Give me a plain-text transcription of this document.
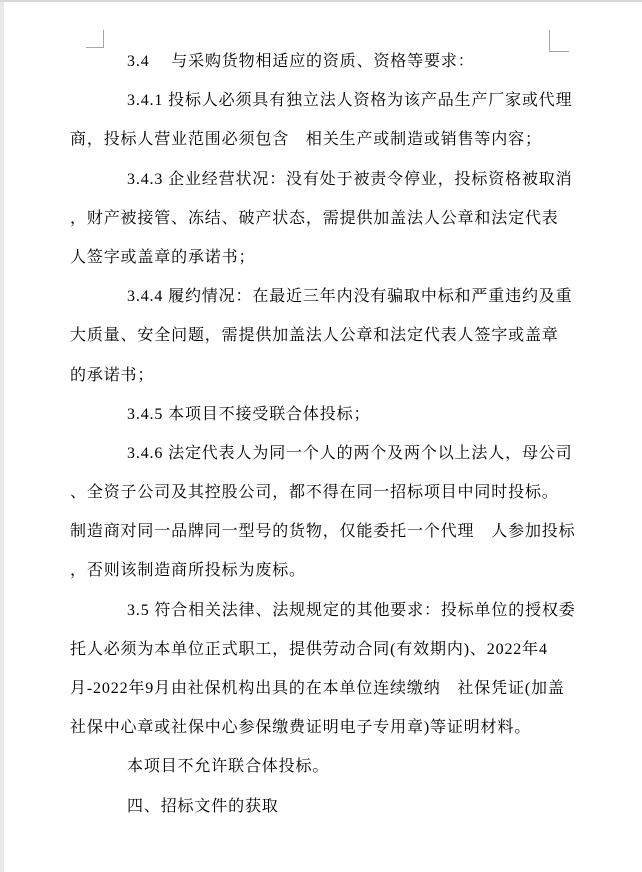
3.4　 与采购货物相适应的资质、资格等要求：
3.4.1 投标人必须具有独立法人资格为该产品生产厂家或代理
商，投标人营业范围必须包含　相关生产或制造或销售等内容；
3.4.3 企业经营状况：没有处于被责令停业，投标资格被取消
，财产被接管、冻结、破产状态，需提供加盖法人公章和法定代表
人签字或盖章的承诺书；
3.4.4 履约情况：在最近三年内没有骗取中标和严重违约及重
大质量、安全问题，需提供加盖法人公章和法定代表人签字或盖章
的承诺书；
3.4.5 本项目不接受联合体投标；
3.4.6 法定代表人为同一个人的两个及两个以上法人，母公司
、全资子公司及其控股公司，都不得在同一招标项目中同时投标。
制造商对同一品牌同一型号的货物，仅能委托一个代理　人参加投标
，否则该制造商所投标为废标。
3.5 符合相关法律、法规规定的其他要求：投标单位的授权委
托人必须为本单位正式职工，提供劳动合同(有效期内)、2022年4
月-2022年9月由社保机构出具的在本单位连续缴纳　社保凭证(加盖
社保中心章或社保中心参保缴费证明电子专用章)等证明材料。
本项目不允许联合体投标。
四、招标文件的获取
